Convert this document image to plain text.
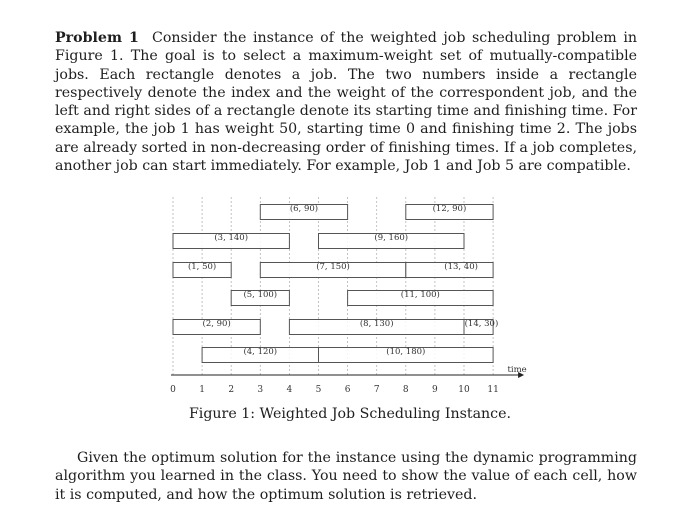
Problem 1 Consider the instance of the weighted job scheduling problem in Figure 1. The goal is to select a maximum-weight set of mutually-compatible jobs. Each rectangle denotes a job. The two numbers inside a rectangle respectively denote the index and the weight of the correspondent job, and the left and right sides of a rectangle denote its starting time and finishing time. For example, the job 1 has weight 50, starting time 0 and finishing time 2. The jobs are already sorted in non-decreasing order of finishing times. If a job completes, another job can start immediately. For example, Job 1 and Job 5 are compatible.

(1, 50)
(2, 90)
(3, 140)
(4, 120)
(5, 100)
(6, 90)
(7, 150)
(8, 130)
(9, 160)
(10, 180)
(11, 100)
(12, 90)
(13, 40)
(14, 30)
0	1	2	3	4	5	6	7	8	9 10 11
time
Figure 1: Weighted Job Scheduling Instance.

Given the optimum solution for the instance using the dynamic programming algorithm you learned in the class. You need to show the value of each cell, how it is computed, and how the optimum solution is retrieved.
